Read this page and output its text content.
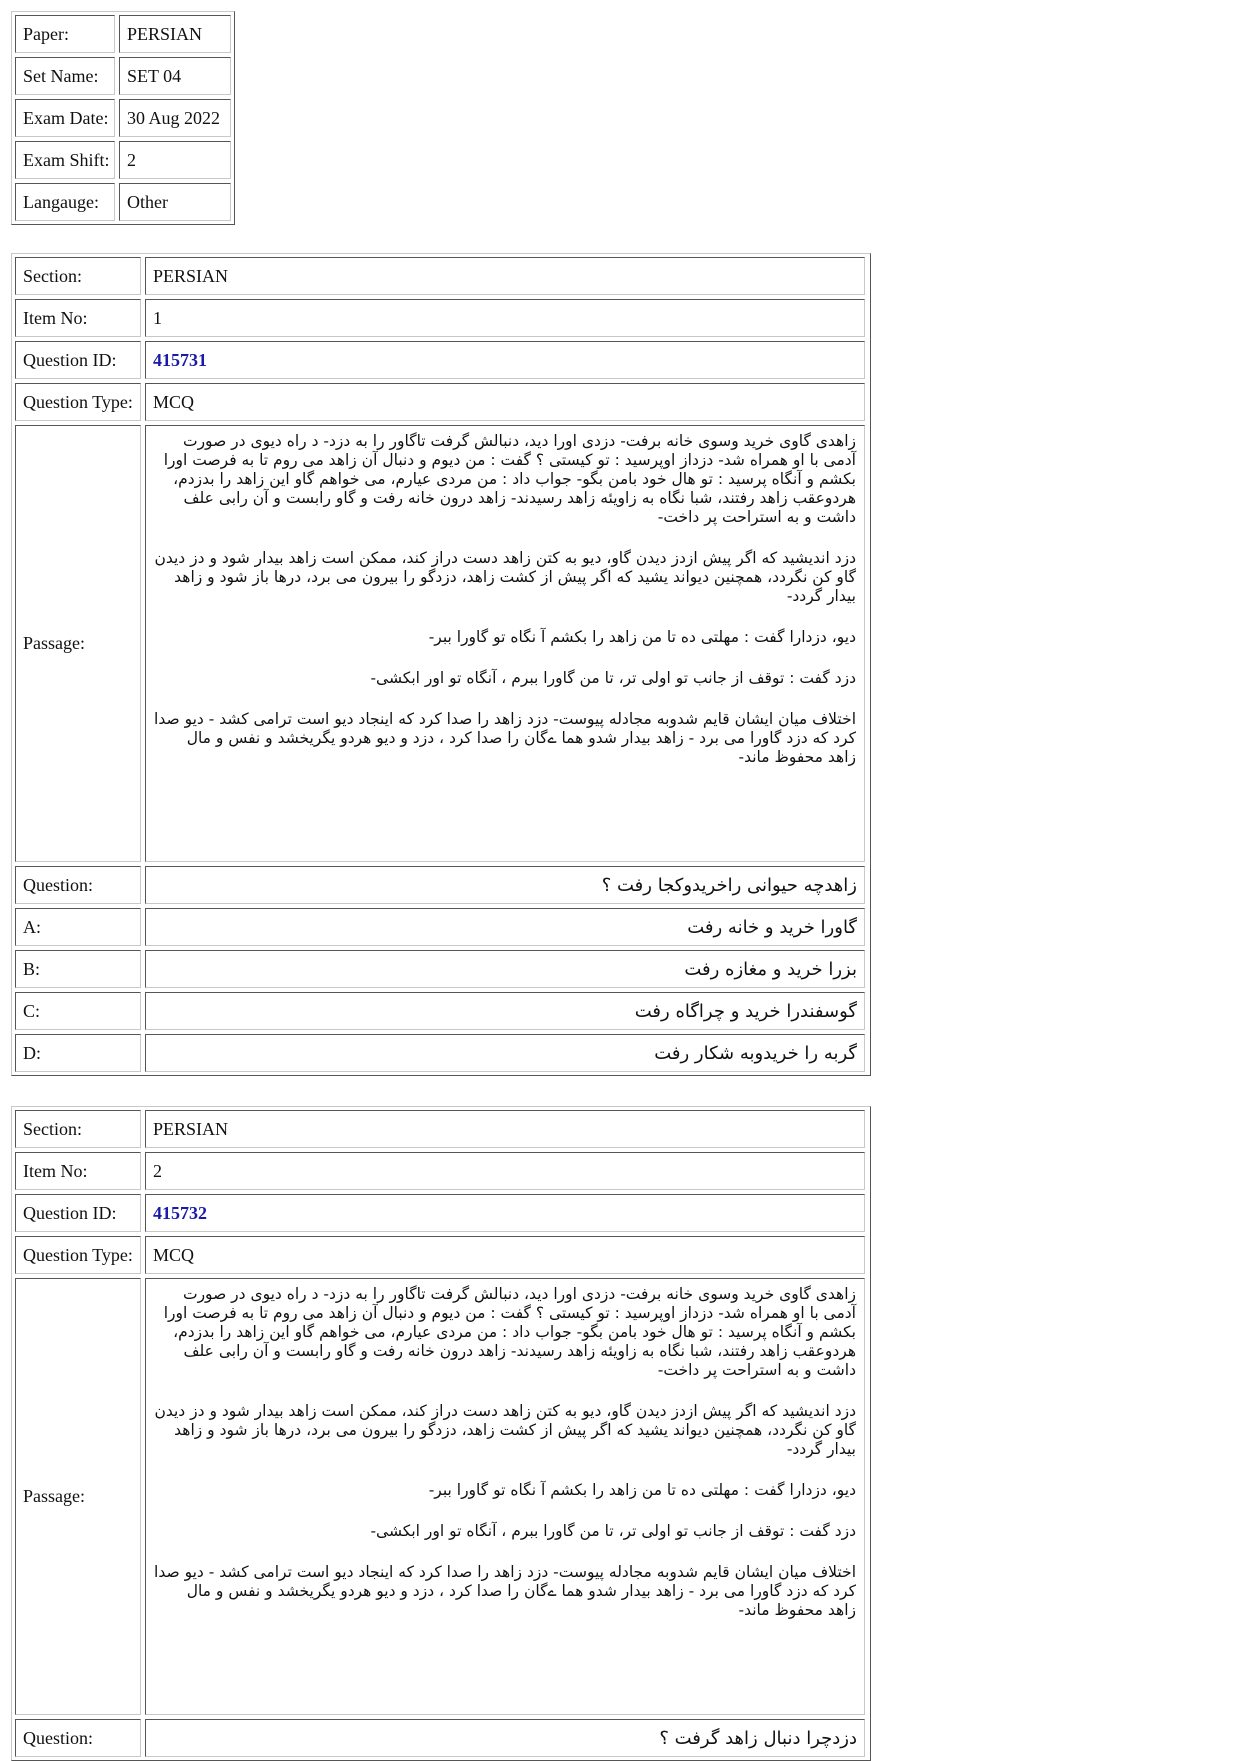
Paper:	PERSIAN
Set Name:	SET 04
Exam Date:	30 Aug 2022
Exam Shift: 2
Langauge:	Other
Section:	PERSIAN
Item No:	1
Question ID:	415731
Question Type:	MCQ
Passage:

زاهدی گاوی خرید وسوی خانه برفت- دزدی اورا دید، دنبالش گرفت تاگاور را به دزد- د راه دیوی در صورت آدمی با او همراه شد- دزداز اوپرسید : تو کیستی ؟ گفت : من دیوم و دنبال آن زاهد می روم تا به فرصت اورا بکشم و آنگاه پرسید : تو هال خود بامن بگو- جواب داد : من مردی عیارم، می خواهم گاو این زاهد را بدزدم، هردوعقب زاهد رفتند، شبا نگاه به زاویئه زاهد رسیدند- زاهد درون خانه رفت و گاو رابست و آن رابی علف داشت و به استراحت پر داخت-

دزد اندیشید که اگر پیش ازدز دیدن گاو، دیو به کتن زاهد دست دراز کند، ممکن است زاهد بیدار شود و دز دیدن گاو کن نگردد، همچنین دیواند یشید که اگر پیش از کشت زاهد، دزدگو را بیرون می برد، درها باز شود و زاهد بیدار گردد-

دیو، دزدارا گفت : مهلتی ده تا من زاهد را بکشم آ نگاه تو گاورا ببر-

دزد گفت : توقف از جانب تو اولی تر، تا من گاورا ببرم ، آنگاه تو اور ابکشی-

اختلاف میان ایشان قایم شدوبه مجادله پیوست- دزد زاهد را صدا کرد که اینجاد دیو است ترامی کشد - دیو صدا کرد که دزد گاورا می برد - زاهد بیدار شدو هما ےگان را صدا کرد ، دزد و دیو هردو یگریخشد و نفس و مال زاهد محفوظ ماند-

Question:	زاهدچه حیوانی راخریدوکجا رفت ؟
A:	گاورا خرید و خانه رفت
B:	بزرا خرید و مغازه رفت
C:	گوسفندرا خرید و چراگاه رفت
D:	گربه را خریدوبه شکار رفت
Section:	PERSIAN
Item No:	2
Question ID:	415732
Question Type:	MCQ
Passage:

زاهدی گاوی خرید وسوی خانه برفت- دزدی اورا دید، دنبالش گرفت تاگاور را به دزد- د راه دیوی در صورت آدمی با او همراه شد- دزداز اوپرسید : تو کیستی ؟ گفت : من دیوم و دنبال آن زاهد می روم تا به فرصت اورا بکشم و آنگاه پرسید : تو هال خود بامن بگو- جواب داد : من مردی عیارم، می خواهم گاو این زاهد را بدزدم، هردوعقب زاهد رفتند، شبا نگاه به زاویئه زاهد رسیدند- زاهد درون خانه رفت و گاو رابست و آن رابی علف داشت و به استراحت پر داخت-

دزد اندیشید که اگر پیش ازدز دیدن گاو، دیو به کتن زاهد دست دراز کند، ممکن است زاهد بیدار شود و دز دیدن گاو کن نگردد، همچنین دیواند یشید که اگر پیش از کشت زاهد، دزدگو را بیرون می برد، درها باز شود و زاهد بیدار گردد-

دیو، دزدارا گفت : مهلتی ده تا من زاهد را بکشم آ نگاه تو گاورا ببر-

دزد گفت : توقف از جانب تو اولی تر، تا من گاورا ببرم ، آنگاه تو اور ابکشی-

اختلاف میان ایشان قایم شدوبه مجادله پیوست- دزد زاهد را صدا کرد که اینجاد دیو است ترامی کشد - دیو صدا کرد که دزد گاورا می برد - زاهد بیدار شدو هما ےگان را صدا کرد ، دزد و دیو هردو یگریخشد و نفس و مال زاهد محفوظ ماند-

Question:	دزدچرا دنبال زاهد گرفت ؟
